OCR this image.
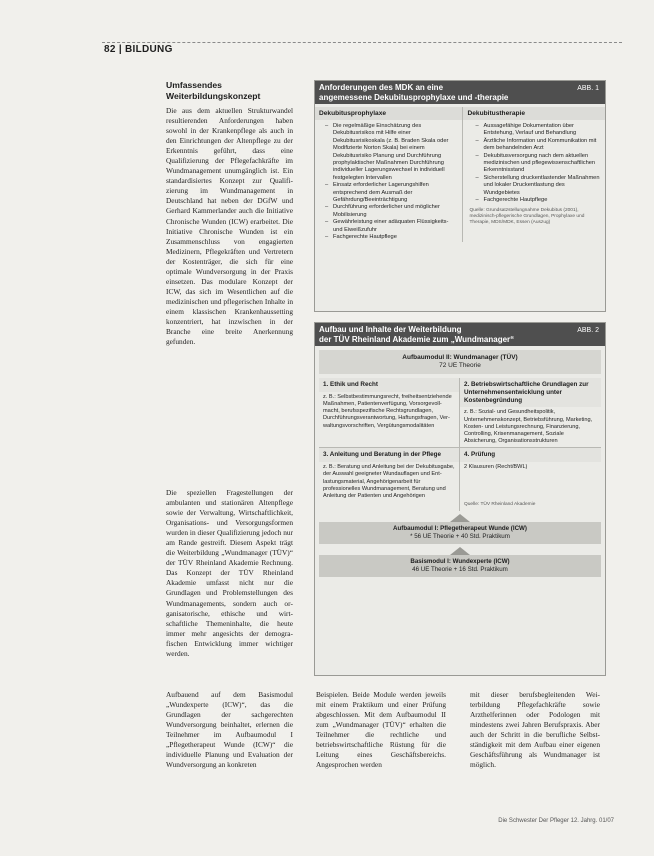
82 | BILDUNG
Umfassendes
Weiterbildungskonzept
Die aus dem aktuellen Strukturwandel resultierenden Anforderungen haben sowohl in der Krankenpflege als auch in den Einrichtungen der Altenpflege zu der Erkenntnis geführt, dass eine Qualifizierung der Pflegefachkräfte im Wundmanagement unumgänglich ist. Ein standardisiertes Konzept zur Qualifizierung im Wundmanagement in Deutschland hat neben der DGfW und Gerhard Kammerlander auch die Initiative Chronische Wunden (ICW) erarbeitet. Die Initiative Chronische Wunden ist ein Zusammenschluss von engagierten Medizinern, Pflegekräften und Vertretern der Kostenträger, die sich für eine optimale Wundversorgung in der Praxis einsetzen. Das modulare Konzept der ICW, das sich im Wesentlichen auf die medizinischen und pflegerischen Inhalte in einem klassischen Krankenhaussetting konzentriert, hat inzwischen in der Branche eine breite Anerkennung gefunden.
Die speziellen Fragestellungen der ambulanten und stationären Altenpflege sowie der Verwaltung, Wirtschaftlichkeit, Organisations- und Versorgungsformen wurden in dieser Qualifizierung jedoch nur am Rande gestreift. Diesem Aspekt trägt die Weiterbildung „Wundmanager (TÜV)“ der TÜV Rheinland Akademie Rechnung. Das Konzept der TÜV Rheinland Akademie umfasst nicht nur die Grundlagen und Problemstellungen des Wundmanagements, sondern auch organisatorische, ethische und wirtschaftliche Themeninhalte, die heute immer mehr angesichts der demografischen Entwicklung immer wichtiger werden.
Aufbauend auf dem Basismodul „Wundexperte (ICW)“, das die Grundlagen der sachgerechten Wundversorgung beinhaltet, erlernen die Teilnehmer im Aufbaumodul I „Pflegetherapeut Wunde (ICW)“ die individuelle Planung und Evaluation der Wundversorgung an konkreten
Anforderungen des MDK an eine
angemessene Dekubitusprophylaxe und -therapie
ABB. 1
Dekubitusprophylaxe
– Die regelmäßige Einschätzung des Dekubitusrisikos mit Hilfe einer Dekubitusrisikoskala (z. B. Braden Skala oder Modifizierte Norton Skala) bei einem Dekubitusrisiko Planung und Durchführung prophylaktischer Maßnahmen Durchführung individueller Lagerungswechsel in individuell festgelegten Intervallen
– Einsatz erforderlicher Lagerungshilfen entsprechend dem Ausmaß der Gefährdung/Beeinträchtigung
– Durchführung erforderlicher und möglicher Mobilisierung
– Gewährleistung einer adäquaten Flüssigkeits- und Eiweißzufuhr
– Fachgerechte Hautpflege
Dekubitustherapie
– Aussagefähige Dokumentation über Entstehung, Verlauf und Behandlung
– Ärztliche Information und Kommunikation mit dem behandelnden Arzt
– Dekubitusversorgung nach dem aktuellen medizinischen und pflegewissenschaftlichen Erkenntnisstand
– Sicherstellung druckentlastender Maßnahmen und lokaler Druckentlastung des Wundgebietes
– Fachgerechte Hautpflege
Quelle: Grundsatzstellungnahme Dekubitus (2001), medizinisch-pflegerische Grundlagen, Prophylaxe und Therapie, MDS/MDK, Essen (Auszug)
Aufbau und Inhalte der Weiterbildung
der TÜV Rheinland Akademie zum „Wundmanager“
ABB. 2
Aufbaumodul II: Wundmanager (TÜV)
72 UE Theorie
1. Ethik und Recht
z. B.: Selbstbestimmungsrecht, freiheitsentziehende Maßnahmen, Patientenverfügung, Vorsorgevollmacht, berufsspezifische Rechtsgrundlagen, Durchführungsverantwortung, Haftungsfragen, Verwaltungsvorschriften, Vergütungsmodalitäten
2. Betriebswirtschaftliche Grundlagen zur Unternehmensentwicklung unter Kostenbegründung
z. B.: Sozial- und Gesundheitspolitik, Unternehmenskonzept, Betriebsführung, Marketing, Kosten- und Leistungsrechnung, Finanzierung, Controlling, Krisenmanagement, Soziale Absicherung, Organisationsstrukturen
3. Anleitung und Beratung in der Pflege
z. B.: Beratung und Anleitung bei der Dekubitusgabe, der Auswahl geeigneter Wundauflagen und Entlastungsmaterial, Angehörigenarbeit für professionelles Wundmanagement, Beratung und Anleitung der Patienten und Angehörigen
4. Prüfung
2 Klausuren (Recht/BWL)
Quelle: TÜV Rheinland Akademie
Aufbaumodul I: Pflegetherapeut Wunde (ICW)
* 56 UE Theorie + 40 Std. Praktikum
Basismodul I: Wundexperte (ICW)
46 UE Theorie + 16 Std. Praktikum
Beispielen. Beide Module werden jeweils mit einem Praktikum und einer Prüfung abgeschlossen. Mit dem Aufbaumodul II zum „Wundmanager (TÜV)“ erhalten die Teilnehmer die rechtliche und betriebswirtschaftliche Rüstung für die Leitung eines Geschäftsbereichs. Angesprochen werden
mit dieser berufsbegleitenden Weiterbildung Pflegefachkräfte sowie Arzthelferinnen oder Podologen mit mindestens zwei Jahren Berufspraxis. Aber auch der Schritt in die berufliche Selbstständigkeit mit dem Aufbau einer eigenen Geschäftsführung als Wundmanager ist möglich.
Die Schwester Der Pfleger 12. Jahrg. 01/07
